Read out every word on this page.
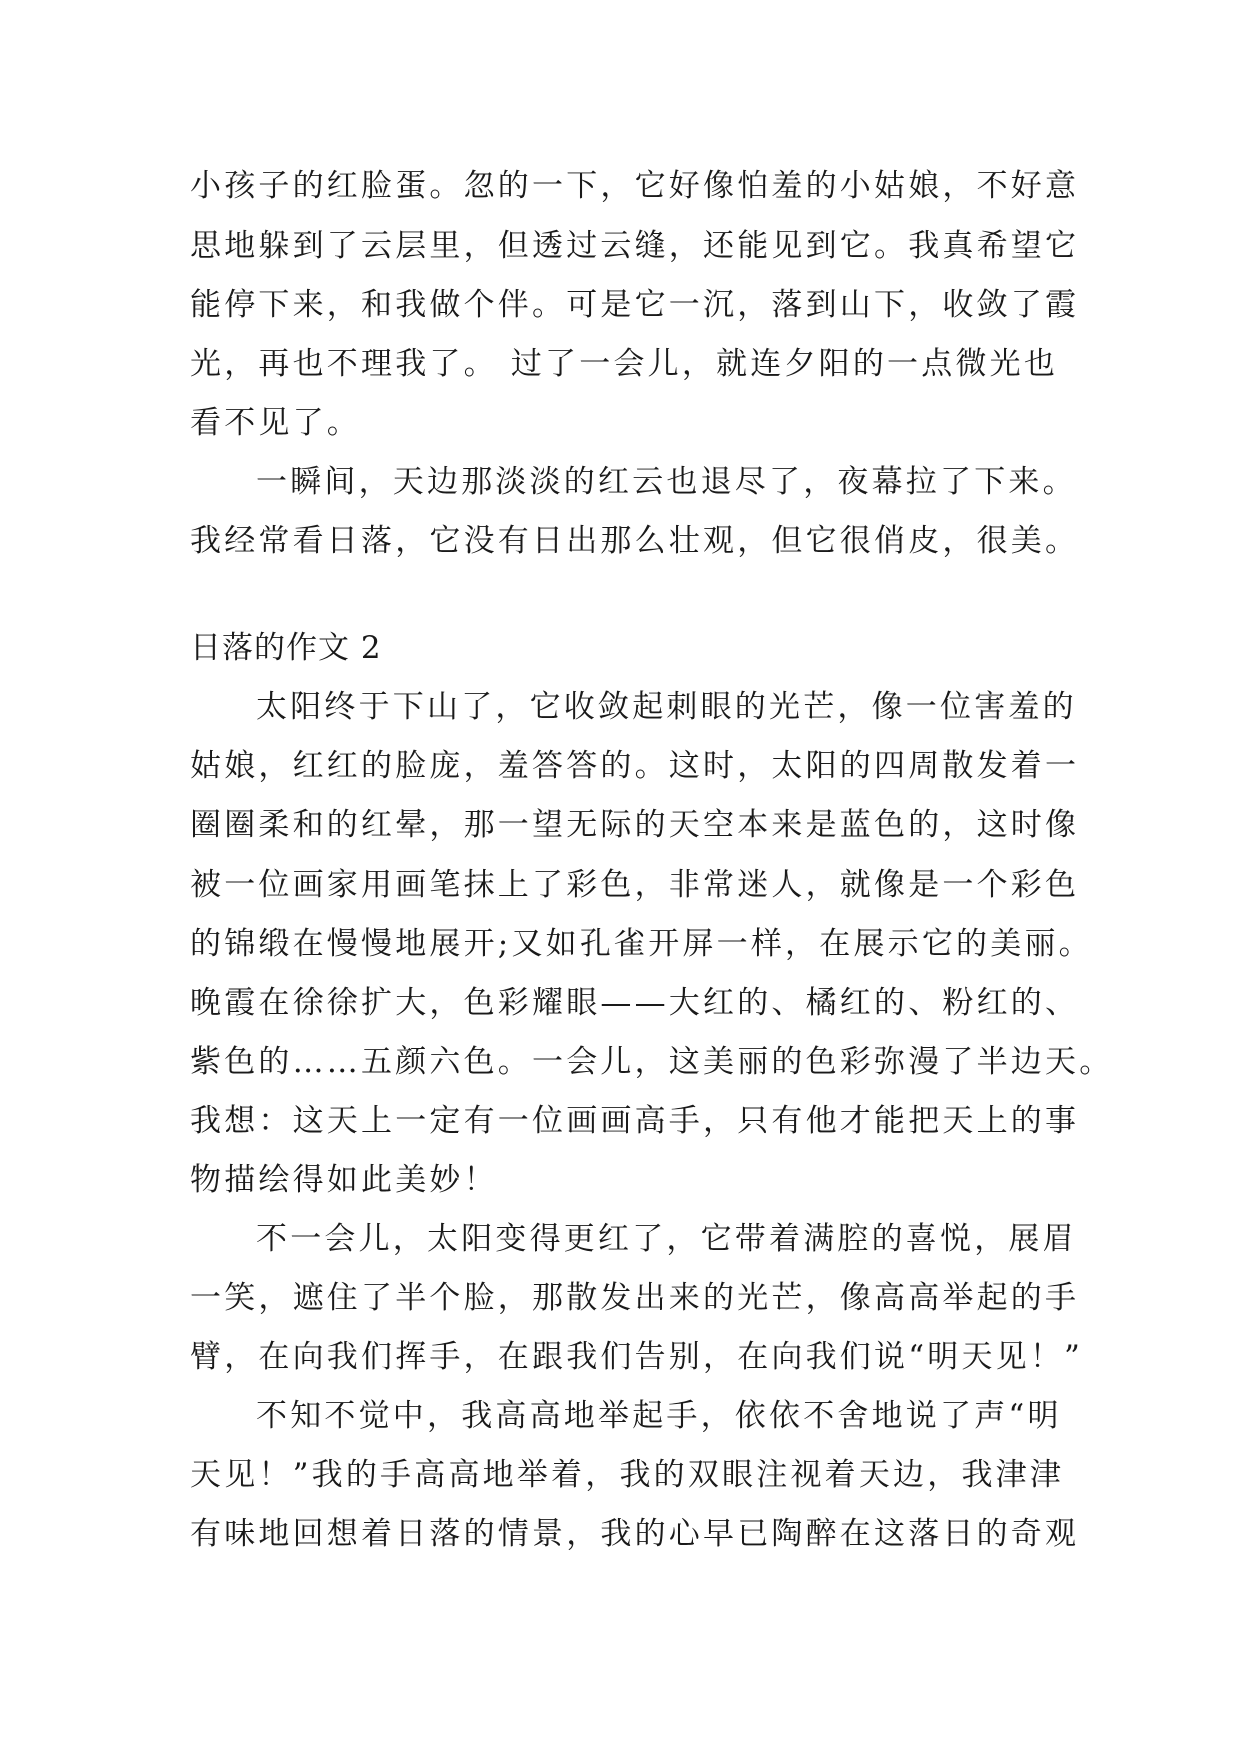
小孩子的红脸蛋。忽的一下，它好像怕羞的小姑娘，不好意
思地躲到了云层里，但透过云缝，还能见到它。我真希望它
能停下来，和我做个伴。可是它一沉，落到山下，收敛了霞
光，再也不理我了。 过了一会儿，就连夕阳的一点微光也
看不见了。
一瞬间，天边那淡淡的红云也退尽了，夜幕拉了下来。
我经常看日落，它没有日出那么壮观，但它很俏皮，很美。
日落的作文 2
太阳终于下山了，它收敛起刺眼的光芒，像一位害羞的
姑娘，红红的脸庞，羞答答的。这时，太阳的四周散发着一
圈圈柔和的红晕，那一望无际的天空本来是蓝色的，这时像
被一位画家用画笔抹上了彩色，非常迷人，就像是一个彩色
的锦缎在慢慢地展开;又如孔雀开屏一样，在展示它的美丽。
晚霞在徐徐扩大，色彩耀眼——大红的、橘红的、粉红的、
紫色的……五颜六色。一会儿，这美丽的色彩弥漫了半边天。
我想：这天上一定有一位画画高手，只有他才能把天上的事
物描绘得如此美妙！
不一会儿，太阳变得更红了，它带着满腔的喜悦，展眉
一笑，遮住了半个脸，那散发出来的光芒，像高高举起的手
臂，在向我们挥手，在跟我们告别，在向我们说“明天见！”
不知不觉中，我高高地举起手，依依不舍地说了声“明
天见！”我的手高高地举着，我的双眼注视着天边，我津津
有味地回想着日落的情景，我的心早已陶醉在这落日的奇观
